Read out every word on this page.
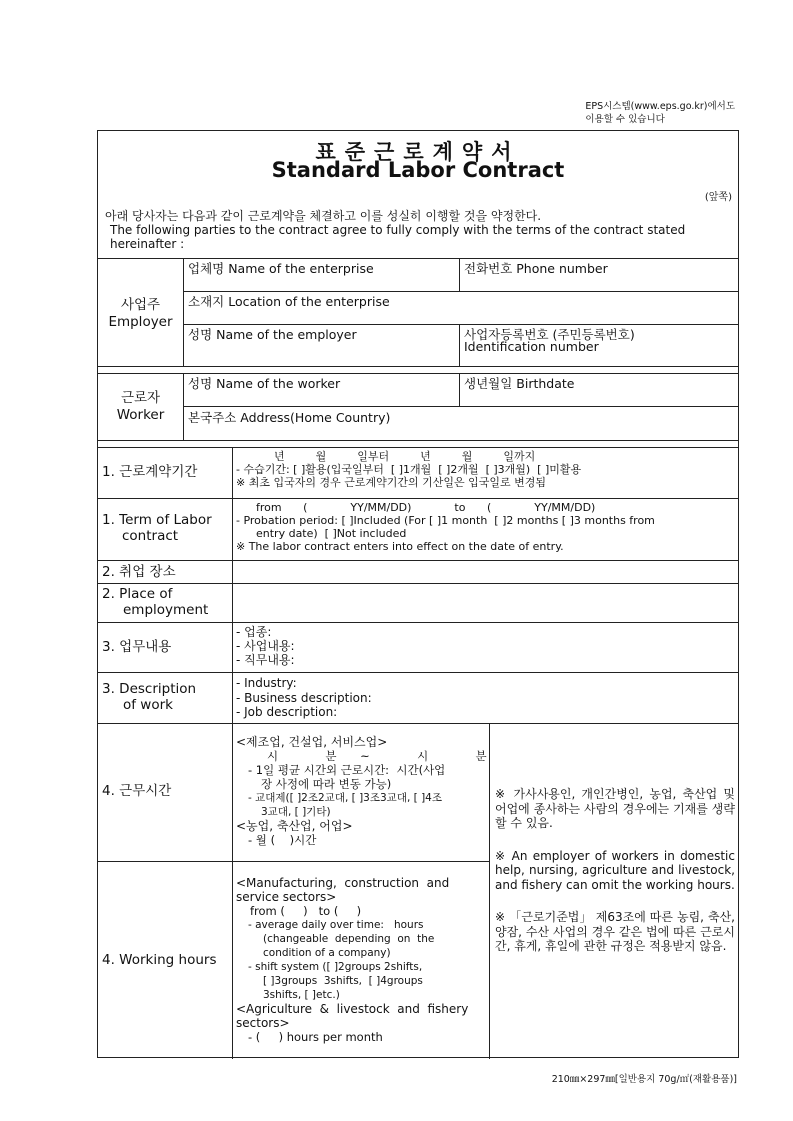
EPS시스템(www.eps.go.kr)에서도
이용할 수 있습니다
표준근로계약서
Standard Labor Contract
(앞쪽)
아래 당사자는 다음과 같이 근로계약을 체결하고 이를 성실히 이행할 것을 약정한다.
The following parties to the contract agree to fully comply with the terms of the contract stated hereinafter :
사업주
Employer
업체명 Name of the enterprise	전화번호 Phone number
소재지 Location of the enterprise
성명 Name of the employer	사업자등록번호 (주민등록번호)
Identification number
근로자
Worker
성명 Name of the worker	생년월일 Birthdate
본국주소 Address(Home Country)
1. 근로계약기간
년  월  일부터  년  월  일까지
- 수습기간: [ ]활용(입국일부터  [ ]1개월  [ ]2개월  [ ]3개월)  [ ]미활용
※ 최초 입국자의 경우 근로계약기간의 기산일은 입국일로 변경됨
1. Term of Labor
contract
from (  YY/MM/DD)  to (  YY/MM/DD)
- Probation period: [ ]Included (For [ ]1 month  [ ]2 months [ ]3 months from
entry date)  [ ]Not included
※ The labor contract enters into effect on the date of entry.
2. 취업 장소
2. Place of
employment
3. 업무내용
- 업종:
- 사업내용:
- 직무내용:
3. Description
of work
- Industry:
- Business description:
- Job description:
4. 근무시간
<제조업, 건설업, 서비스업>
시  분 ~  시  분
- 1일 평균 시간외 근로시간:  시간(사업
장 사정에 따라 변동 가능)
- 교대제([ ]2조2교대, [ ]3조3교대, [ ]4조
3교대, [ ]기타)
<농업, 축산업, 어업>
- 월 (    )시간
4. Working hours
<Manufacturing,  construction  and
service sectors>
from (     )   to (     )
- average daily over time:   hours
(changeable  depending  on  the
condition of a company)
- shift system ([ ]2groups 2shifts,
[ ]3groups  3shifts,  [ ]4groups
3shifts, [ ]etc.)
<Agriculture  &  livestock  and  fishery
sectors>
- (     ) hours per month
※ 가사사용인, 개인간병인, 농업, 축산업 및 어업에 종사하는 사람의 경우에는 기재를 생략할 수 있음.
※ An employer of workers in domestic help, nursing, agriculture and livestock, and fishery can omit the working hours.
※ 「근로기준법」 제63조에 따른 농림, 축산, 양잠, 수산 사업의 경우 같은 법에 따른 근로시간, 휴게, 휴일에 관한 규정은 적용받지 않음.
210㎜×297㎜[일반용지 70g/㎡(재활용품)]
